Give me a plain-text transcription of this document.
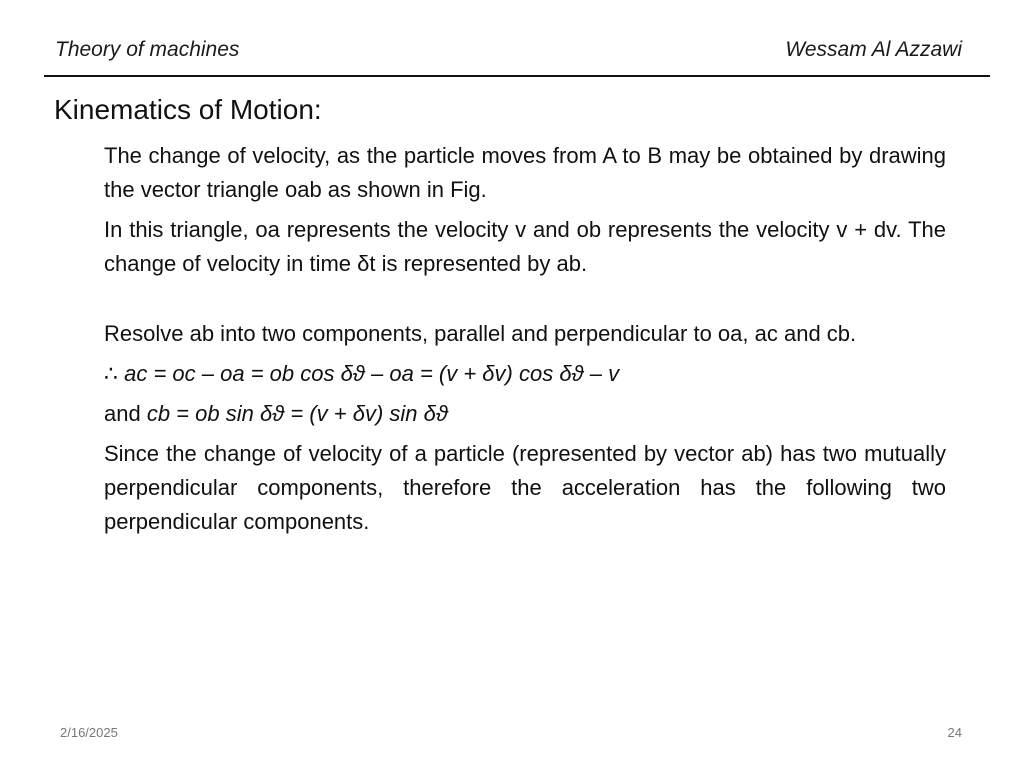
Theory of machines	Wessam Al Azzawi
Kinematics of Motion:

The change of velocity, as the particle moves from A to B may be obtained by drawing the vector triangle oab as shown in Fig.

In this triangle, oa represents the velocity v and ob represents the velocity v + dv. The change of velocity in time δt is represented by ab.

Resolve ab into two components, parallel and perpendicular to oa, ac and cb.

∴ ac = oc – oa = ob cos δϑ – oa = (v + δv) cos δϑ – v

and cb = ob sin δϑ = (v + δv) sin δϑ

Since the change of velocity of a particle (represented by vector ab) has two mutually perpendicular components, therefore the acceleration has the following two perpendicular components.

2/16/2025	24
